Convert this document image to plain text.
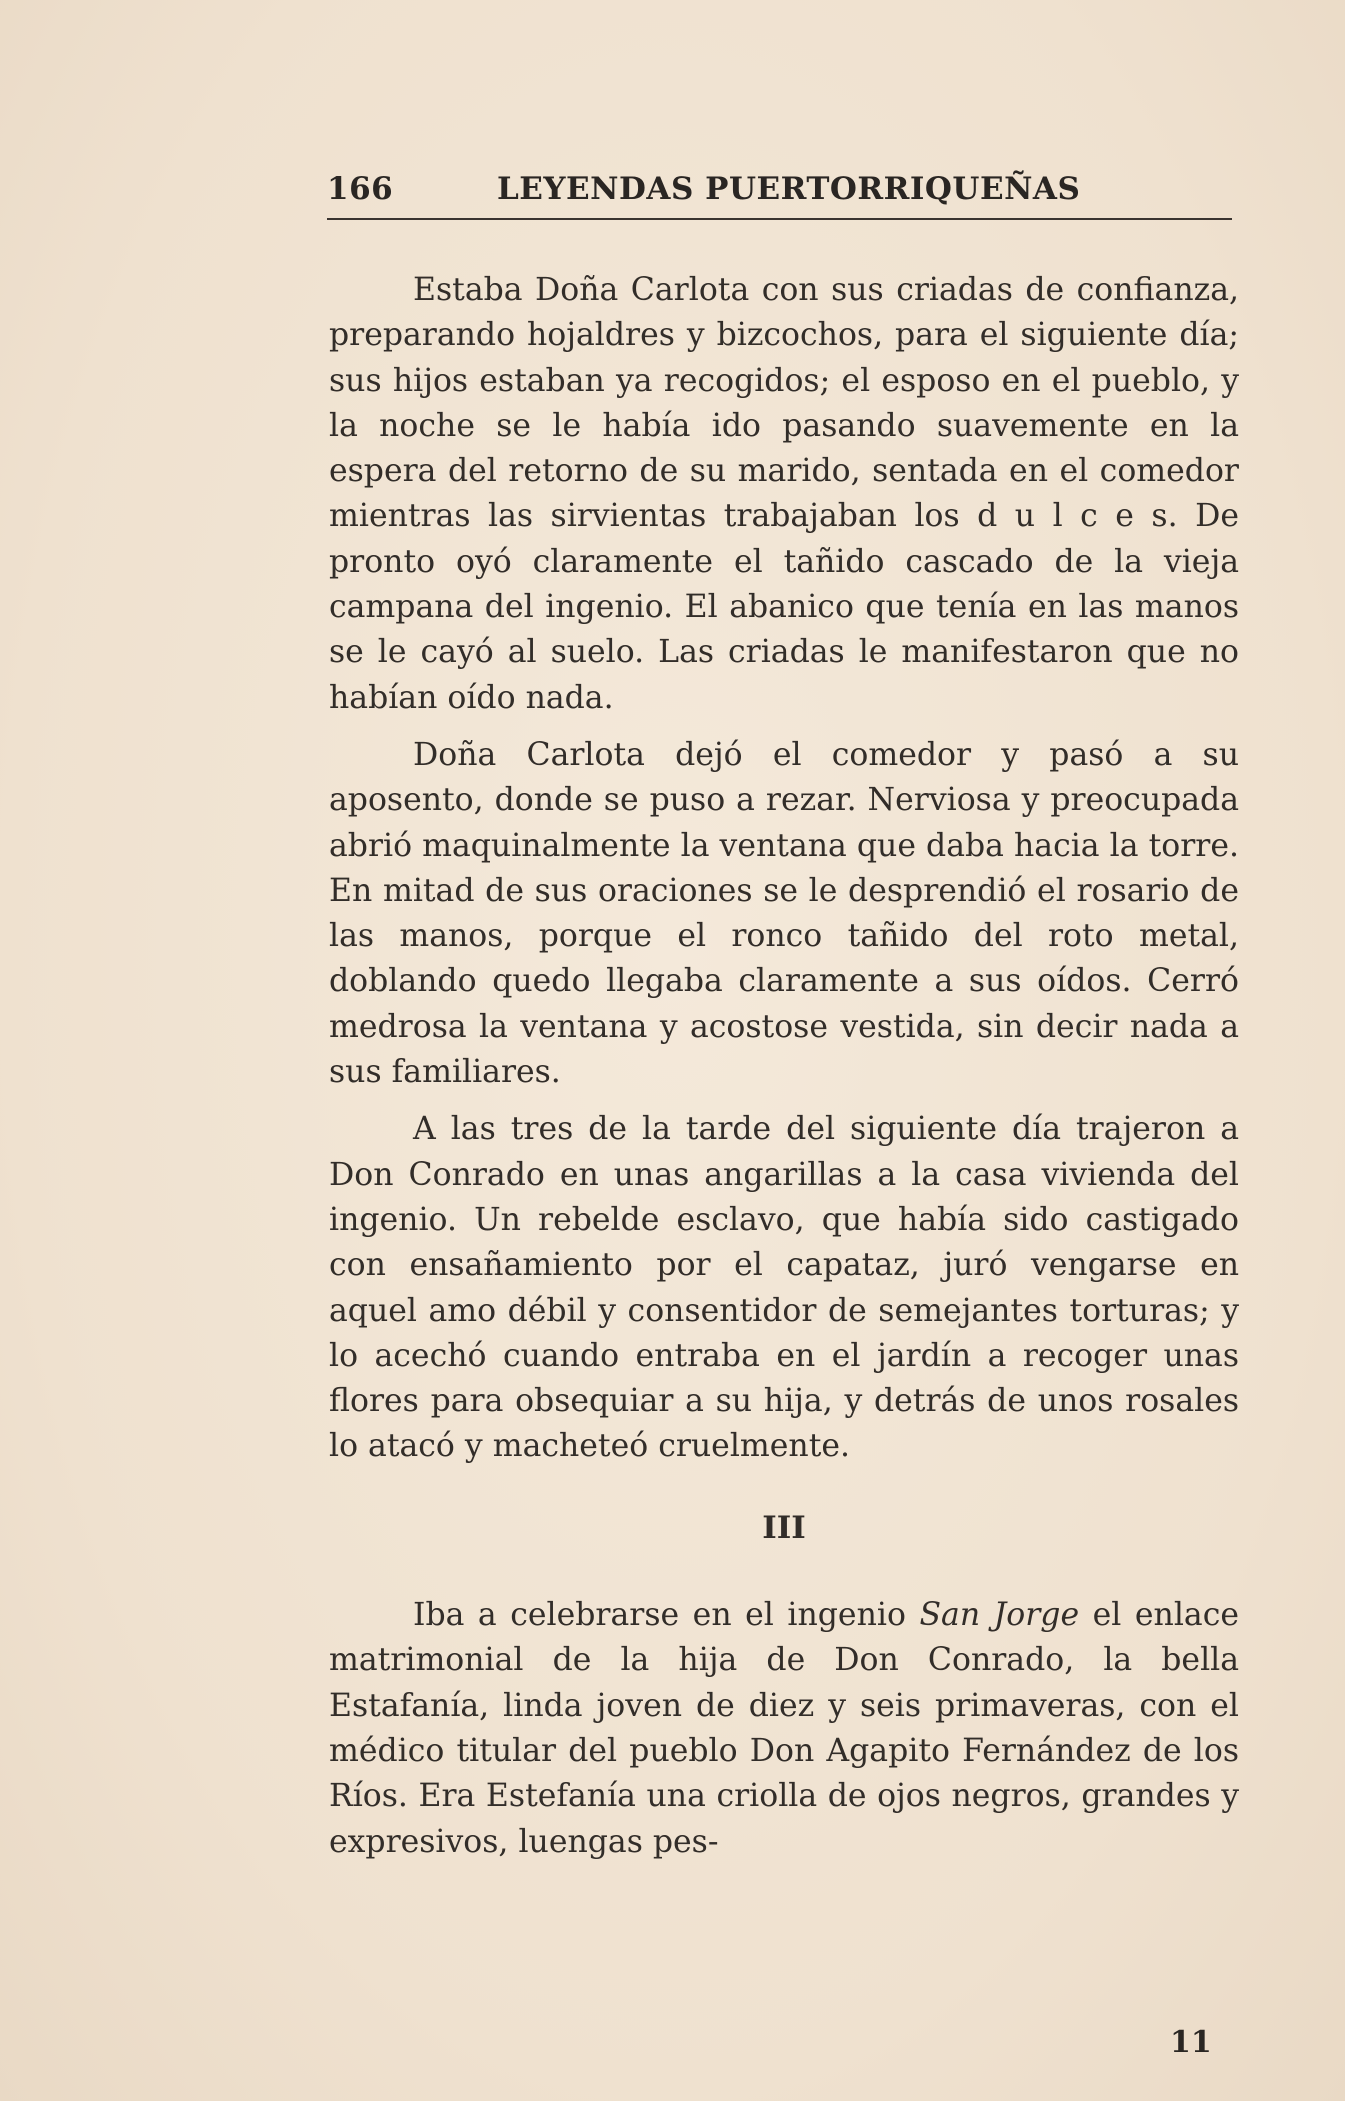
166	LEYENDAS PUERTORRIQUEÑAS

Estaba Doña Carlota con sus criadas de confianza, preparando hojaldres y bizcochos, para el siguiente día; sus hijos estaban ya recogidos; el esposo en el pueblo, y la noche se le había ido pasando suavemente en la espera del retorno de su marido, sentada en el comedor mientras las sirvientas trabajaban los d u l c e s. De pronto oyó claramente el tañido cascado de la vieja campana del ingenio. El abanico que tenía en las manos se le cayó al suelo. Las criadas le manifestaron que no habían oído nada.

Doña Carlota dejó el comedor y pasó a su aposento, donde se puso a rezar. Nerviosa y preocupada abrió maquinalmente la ventana que daba hacia la torre. En mitad de sus oraciones se le desprendió el rosario de las manos, porque el ronco tañido del roto metal, doblando quedo llegaba claramente a sus oídos. Cerró medrosa la ventana y acostose vestida, sin decir nada a sus familiares.

A las tres de la tarde del siguiente día trajeron a Don Conrado en unas angarillas a la casa vivienda del ingenio. Un rebelde esclavo, que había sido castigado con ensañamiento por el capataz, juró vengarse en aquel amo débil y consentidor de semejantes torturas; y lo acechó cuando entraba en el jardín a recoger unas flores para obsequiar a su hija, y detrás de unos rosales lo atacó y macheteó cruelmente.

III

Iba a celebrarse en el ingenio San Jorge el enlace matrimonial de la hija de Don Conrado, la bella Estafanía, linda joven de diez y seis primaveras, con el médico titular del pueblo Don Agapito Fernández de los Ríos. Era Estefanía una criolla de ojos negros, grandes y expresivos, luengas pes-

11
